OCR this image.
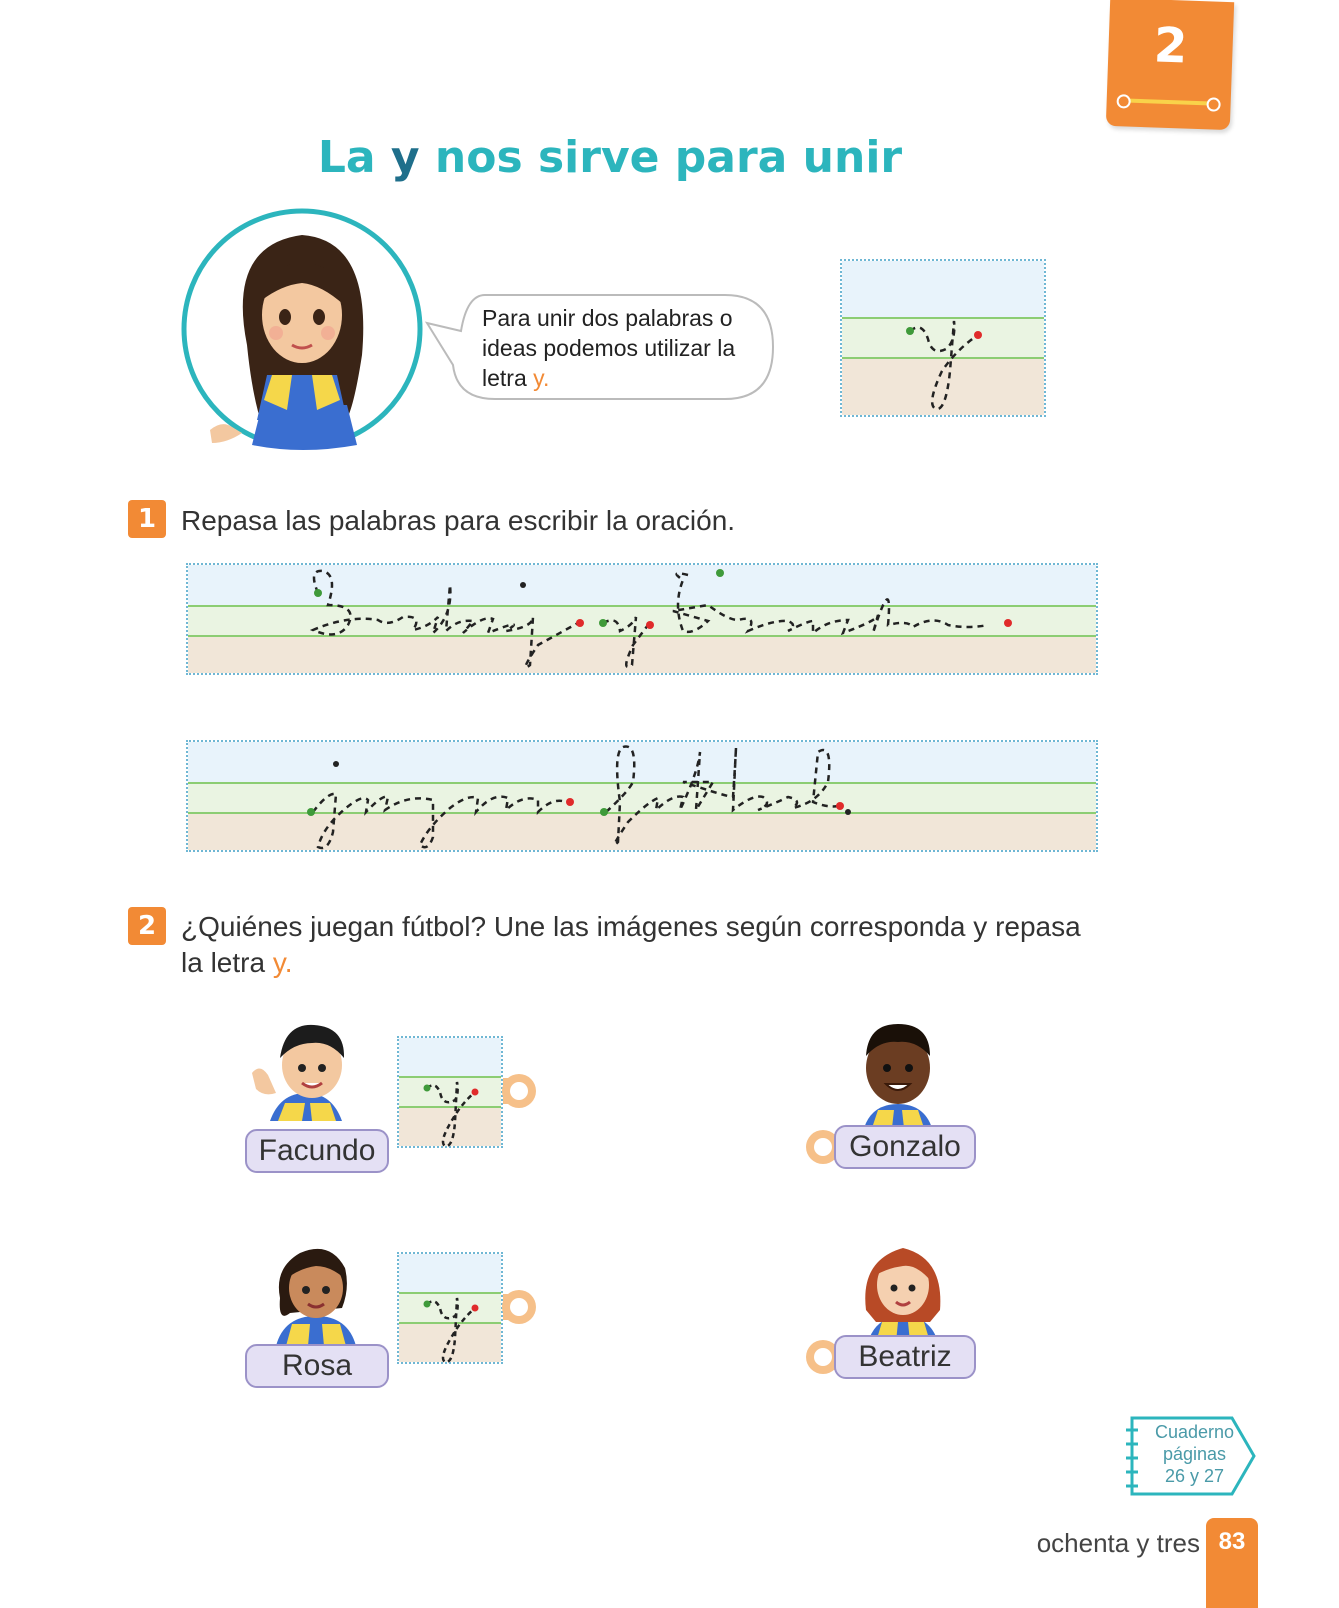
2
La y nos sirve para unir
Para unir dos palabras o ideas podemos utilizar la letra y.
1 Repasa las palabras para escribir la oración.
2 ¿Quiénes juegan fútbol? Une las imágenes según corresponda y repasa
la letra y.
Facundo
Rosa
Gonzalo
Beatriz
Cuaderno
páginas
26 y 27
ochenta y tres 83
